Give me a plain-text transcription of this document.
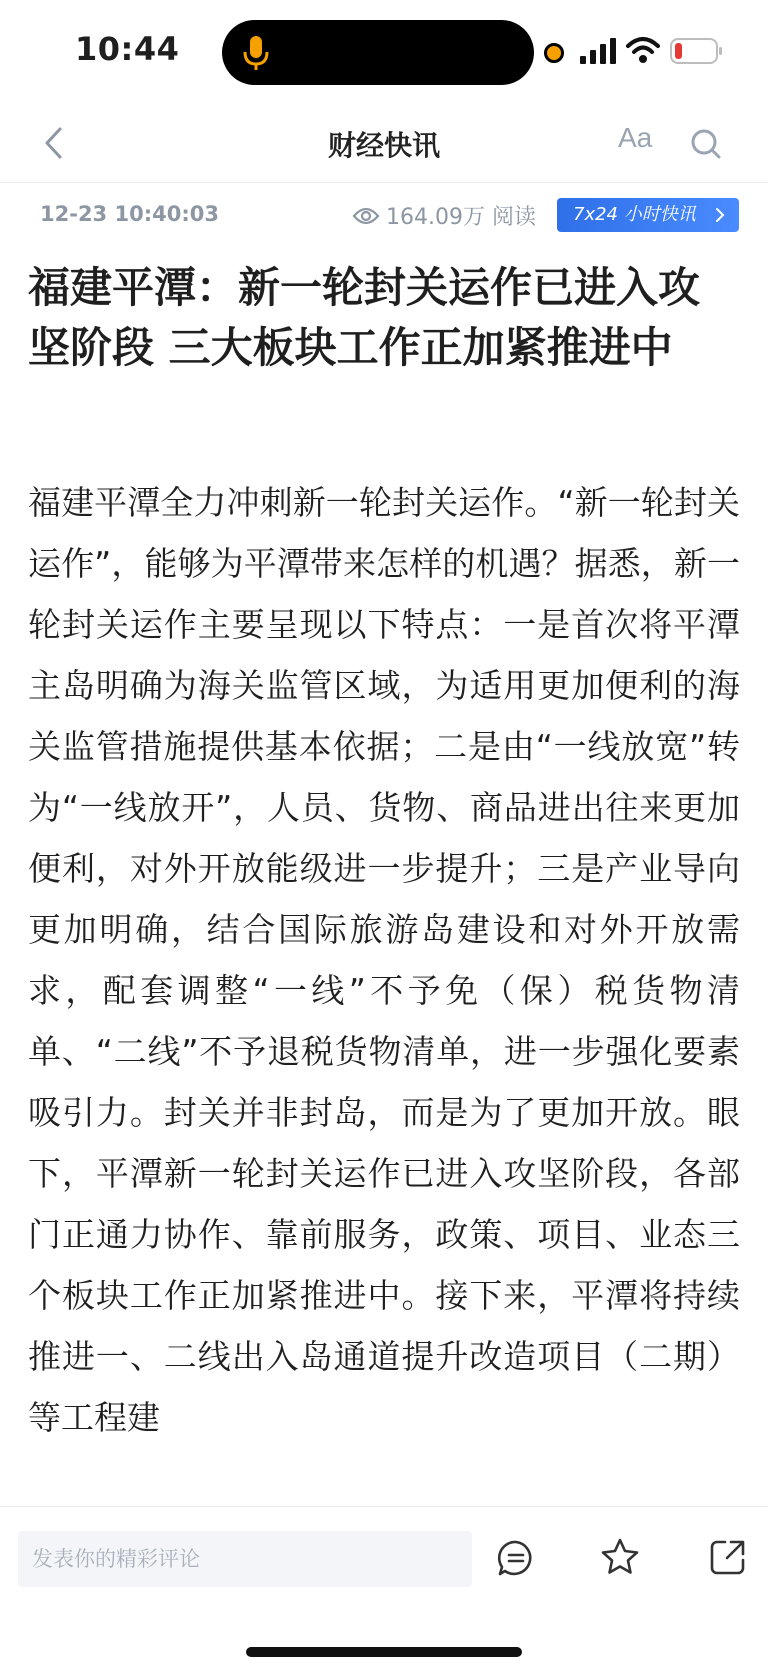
10:44
财经快讯	Aa
12-23 10:40:03	164.09万 阅读	7x24 小时快讯
福建平潭：新一轮封关运作已进入攻坚阶段 三大板块工作正加紧推进中
福建平潭全力冲刺新一轮封关运作。“新一轮封关运作”，能够为平潭带来怎样的机遇？据悉，新一轮封关运作主要呈现以下特点：一是首次将平潭主岛明确为海关监管区域，为适用更加便利的海关监管措施提供基本依据；二是由“一线放宽”转为“一线放开”，人员、货物、商品进出往来更加便利，对外开放能级进一步提升；三是产业导向更加明确，结合国际旅游岛建设和对外开放需求，配套调整“一线”不予免（保）税货物清单、“二线”不予退税货物清单，进一步强化要素吸引力。封关并非封岛，而是为了更加开放。眼下，平潭新一轮封关运作已进入攻坚阶段，各部门正通力协作、靠前服务，政策、项目、业态三个板块工作正加紧推进中。接下来，平潭将持续推进一、二线出入岛通道提升改造项目（二期）等工程建
发表你的精彩评论
